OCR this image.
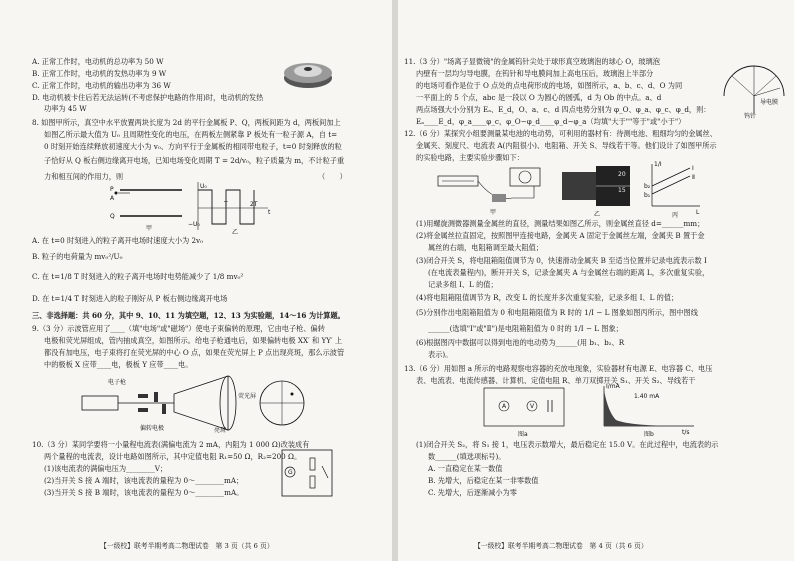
A. 正常工作时，电动机的总功率为 50 W
B. 正常工作时，电动机的发热功率为 9 W
C. 正常工作时，电动机的输出功率为 36 W
D. 电动机被卡住后若无法运转(不考虑保护电路的作用)时，电动机的发热
功率为 45 W
8. 如图甲所示，真空中水平放置两块长度为 2d 的平行金属板 P、Q，两板间距为 d，两板间加上
如图乙所示最大值为 U₀ 且周期性变化的电压，在两板左侧紧靠 P 板处有一粒子源 A，自 t=
0 时刻开始连续释放初速度大小为 v₀、方向平行于金属板的相同带电粒子，t=0 时刻释放的粒
子恰好从 Q 板右侧边缘离开电场，已知电场变化周期 T = 2d/v₀，粒子质量为 m，不计粒子重
力和相互间的作用力，则	（　　）
P
A
Q
甲
U₀
−U₀
T	2T
t
乙
A. 在 t=0 时刻进入的粒子离开电场时速度大小为 2v₀
B. 粒子的电荷量为 mv₀²/U₀
C. 在 t=1/8 T 时刻进入的粒子离开电场时电势能减少了 1/8 mv₀²
D. 在 t=1/4 T 时刻进入的粒子刚好从 P 板右侧边缘离开电场
三、非选择题：共 60 分，其中 9、10、11 为填空题，12、13 为实验题，14～16 为计算题。
9.（3 分）示波管应用了____（填"电场"或"磁场"）使电子束偏转的原理，它由电子枪、偏转
电极和荧光屏组成，管内抽成真空，如图所示。给电子枪通电后，如果偏转电极 XX′ 和 YY′ 上
都没有加电压，电子束将打在荧光屏的中心 O 点，如果在荧光屏上 P 点出现亮斑，那么示波管
中的极板 X 应带____电，极板 Y 应带____电。
电子枪
偏转电极
荧光屏
亮斑
10.（3 分）某同学要将一小量程电流表(满偏电流为 2 mA，内阻为 1 000 Ω)改装成有
两个量程的电流表，设计电路如图所示，其中定值电阻 R₁=50 Ω，R₂=200 Ω。
(1)该电流表的满偏电压为________V；
(2)当开关 S 接 A 端时，该电流表的量程为 0～________mA；
(3)当开关 S 接 B 端时，该电流表的量程为 0～________mA。
G
【一级校】联考半期考高二物理试卷　第 3 页（共 6 页）
11.（3 分）"场离子显微镜"的金属钨针尖处于球形真空玻璃泡的球心 O，玻璃泡
内壁有一层均匀导电膜，在钨针和导电膜间加上高电压后，玻璃泡上半部分
的电场可看作是位于 O 点处的点电荷形成的电场，如图所示，a、b、c、d、O 为同
一平面上的 5 个点，abc 是一段以 O 为圆心的圆弧，d 为 Ob 的中点。a、d
两点场强大小分别为 Eₐ、E_d，O、a、c、d 四点电势分别为 φ_O、φ_a、φ_c、φ_d，则：
Eₐ____E_d，φ_a____φ_c，φ_O−φ_d____φ_d−φ_a（均填"大于""等于"或"小于"）
导电膜
钨针
12.（6 分）某探究小组要测量某电池的电动势，可利用的器材有：待测电池、粗细均匀的金属丝、
金属夹、刻度尺、电流表 A(内阻很小)、电阻箱、开关 S、导线若干等。他们设计了如图甲所示
的实验电路，主要实验步骤如下：
甲
20
15
乙
b₂
b₁
Ⅰ
Ⅱ
L
1/I
丙
(1)用螺旋测微器测量金属丝的直径，测量结果如图乙所示，则金属丝直径 d=______mm；
(2)将金属丝拉直固定，按照图甲连接电路，金属夹 A 固定于金属丝左端，金属夹 B 置于金
属丝的右端，电阻箱调至最大阻值；
(3)闭合开关 S，将电阻箱阻值调节为 0，快速滑动金属夹 B 至适当位置并记录电流表示数 I
(在电流表量程内)，断开开关 S，记录金属夹 A 与金属丝右端的距离 L，多次重复实验，
记录多组 I、L 的值；
(4)将电阻箱阻值调节为 R，改变 L 的长度并多次重复实验，记录多组 I、L 的值；
(5)分别作出电阻箱阻值为 0 和电阻箱阻值为 R 时的 1/I − L 图象如图丙所示，图中图线
______(选填"Ⅰ"或"Ⅱ")是电阻箱阻值为 0 时的 1/I − L 图象；
(6)根据图丙中数据可以得到电池的电动势为______(用 b₁、b₂、R
表示)。
13.（6 分）用如图 a 所示的电路观察电容器的充放电现象，实验器材有电源 E、电容器 C、电压
表、电流表、电流传感器、计算机、定值电阻 R、单刀双掷开关 S₁、开关 S₂、导线若干
A	V
图a
I/mA
1.40 mA
t/s
图b
(1)闭合开关 S₂，将 S₁ 接 1，电压表示数增大，最后稳定在 15.0 V。在此过程中，电流表的示
数______(填选项标号)。
A. 一直稳定在某一数值
B. 先增大，后稳定在某一非零数值
C. 先增大，后逐渐减小为零
【一级校】联考半期考高二物理试卷　第 4 页（共 6 页）
